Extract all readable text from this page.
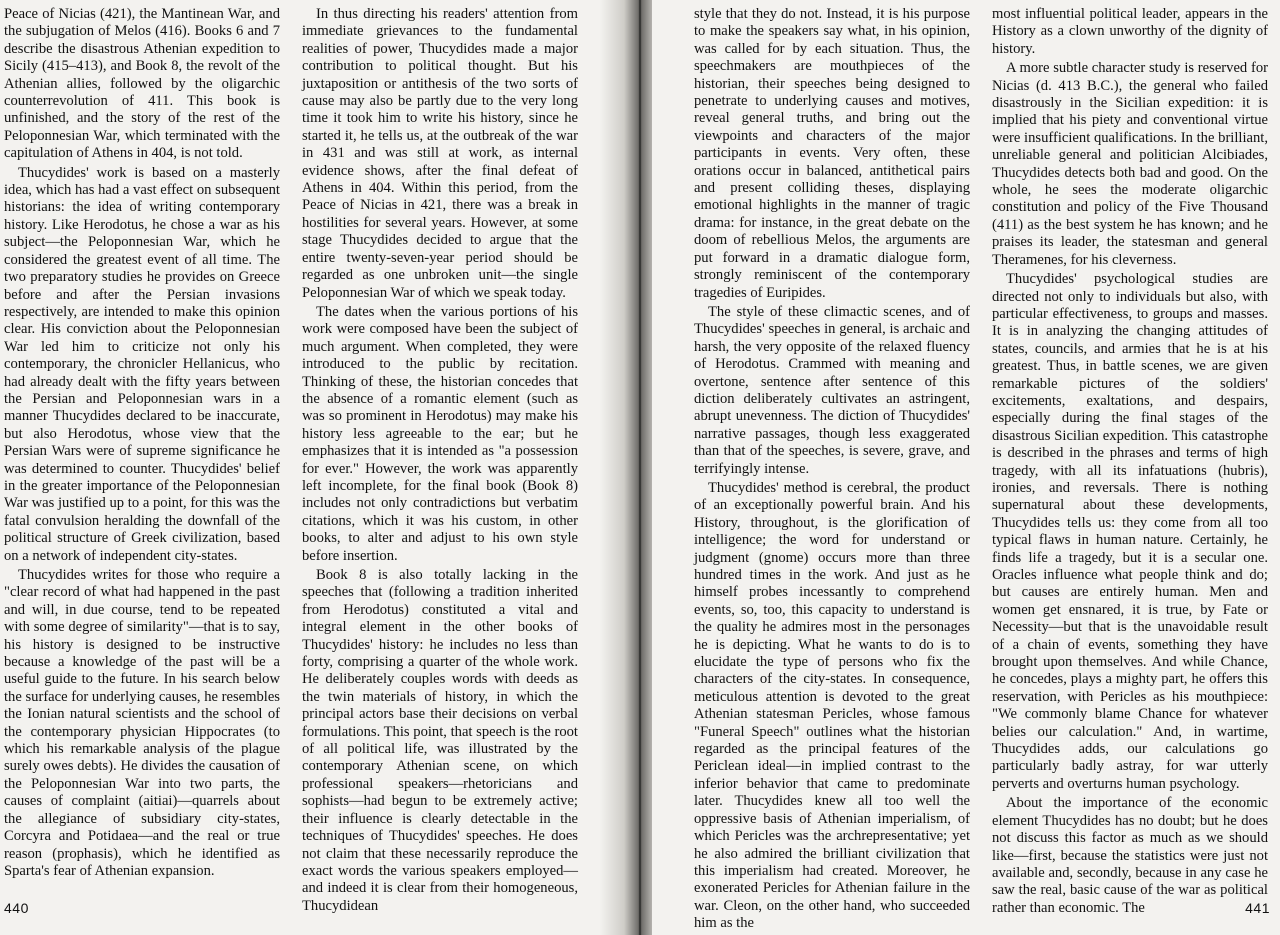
Peace of Nicias (421), the Mantinean War, and the subjugation of Melos (416). Books 6 and 7 describe the disastrous Athenian expedition to Sicily (415–413), and Book 8, the revolt of the Athenian allies, followed by the oligarchic counterrevolution of 411. This book is unfinished, and the story of the rest of the Peloponnesian War, which terminated with the capitulation of Athens in 404, is not told.

Thucydides' work is based on a masterly idea, which has had a vast effect on subsequent historians: the idea of writing contemporary history. Like Herodotus, he chose a war as his subject—the Peloponnesian War, which he considered the greatest event of all time. The two preparatory studies he provides on Greece before and after the Persian invasions respectively, are intended to make this opinion clear. His conviction about the Peloponnesian War led him to criticize not only his contemporary, the chronicler Hellanicus, who had already dealt with the fifty years between the Persian and Peloponnesian wars in a manner Thucydides declared to be inaccurate, but also Herodotus, whose view that the Persian Wars were of supreme significance he was determined to counter. Thucydides' belief in the greater importance of the Peloponnesian War was justified up to a point, for this was the fatal convulsion heralding the downfall of the political structure of Greek civilization, based on a network of independent city-states.

Thucydides writes for those who require a "clear record of what had happened in the past and will, in due course, tend to be repeated with some degree of similarity"—that is to say, his history is designed to be instructive because a knowledge of the past will be a useful guide to the future. In his search below the surface for underlying causes, he resembles the Ionian natural scientists and the school of the contemporary physician Hippocrates (to which his remarkable analysis of the plague surely owes debts). He divides the causation of the Peloponnesian War into two parts, the causes of complaint (aitiai)—quarrels about the allegiance of subsidiary city-states, Corcyra and Potidaea—and the real or true reason (prophasis), which he identified as Sparta's fear of Athenian expansion.

In thus directing his readers' attention from immediate grievances to the fundamental realities of power, Thucydides made a major contribution to political thought. But his juxtaposition or antithesis of the two sorts of cause may also be partly due to the very long time it took him to write his history, since he started it, he tells us, at the outbreak of the war in 431 and was still at work, as internal evidence shows, after the final defeat of Athens in 404. Within this period, from the Peace of Nicias in 421, there was a break in hostilities for several years. However, at some stage Thucydides decided to argue that the entire twenty-seven-year period should be regarded as one unbroken unit—the single Peloponnesian War of which we speak today.

The dates when the various portions of his work were composed have been the subject of much argument. When completed, they were introduced to the public by recitation. Thinking of these, the historian concedes that the absence of a romantic element (such as was so prominent in Herodotus) may make his history less agreeable to the ear; but he emphasizes that it is intended as "a possession for ever." However, the work was apparently left incomplete, for the final book (Book 8) includes not only contradictions but verbatim citations, which it was his custom, in other books, to alter and adjust to his own style before insertion.

Book 8 is also totally lacking in the speeches that (following a tradition inherited from Herodotus) constituted a vital and integral element in the other books of Thucydides' history: he includes no less than forty, comprising a quarter of the whole work. He deliberately couples words with deeds as the twin materials of history, in which the principal actors base their decisions on verbal formulations. This point, that speech is the root of all political life, was illustrated by the contemporary Athenian scene, on which professional speakers—rhetoricians and sophists—had begun to be extremely active; their influence is clearly detectable in the techniques of Thucydides' speeches. He does not claim that these necessarily reproduce the exact words the various speakers employed—and indeed it is clear from their homogeneous, Thucydidean

440

style that they do not. Instead, it is his purpose to make the speakers say what, in his opinion, was called for by each situation. Thus, the speechmakers are mouthpieces of the historian, their speeches being designed to penetrate to underlying causes and motives, reveal general truths, and bring out the viewpoints and characters of the major participants in events. Very often, these orations occur in balanced, antithetical pairs and present colliding theses, displaying emotional highlights in the manner of tragic drama: for instance, in the great debate on the doom of rebellious Melos, the arguments are put forward in a dramatic dialogue form, strongly reminiscent of the contemporary tragedies of Euripides.

The style of these climactic scenes, and of Thucydides' speeches in general, is archaic and harsh, the very opposite of the relaxed fluency of Herodotus. Crammed with meaning and overtone, sentence after sentence of this diction deliberately cultivates an astringent, abrupt unevenness. The diction of Thucydides' narrative passages, though less exaggerated than that of the speeches, is severe, grave, and terrifyingly intense.

Thucydides' method is cerebral, the product of an exceptionally powerful brain. And his History, throughout, is the glorification of intelligence; the word for understand or judgment (gnome) occurs more than three hundred times in the work. And just as he himself probes incessantly to comprehend events, so, too, this capacity to understand is the quality he admires most in the personages he is depicting. What he wants to do is to elucidate the type of persons who fix the characters of the city-states. In consequence, meticulous attention is devoted to the great Athenian statesman Pericles, whose famous "Funeral Speech" outlines what the historian regarded as the principal features of the Periclean ideal—in implied contrast to the inferior behavior that came to predominate later. Thucydides knew all too well the oppressive basis of Athenian imperialism, of which Pericles was the archrepresentative; yet he also admired the brilliant civilization that this imperialism had created. Moreover, he exonerated Pericles for Athenian failure in the war. Cleon, on the other hand, who succeeded him as the

most influential political leader, appears in the History as a clown unworthy of the dignity of history.

A more subtle character study is reserved for Nicias (d. 413 B.C.), the general who failed disastrously in the Sicilian expedition: it is implied that his piety and conventional virtue were insufficient qualifications. In the brilliant, unreliable general and politician Alcibiades, Thucydides detects both bad and good. On the whole, he sees the moderate oligarchic constitution and policy of the Five Thousand (411) as the best system he has known; and he praises its leader, the statesman and general Theramenes, for his cleverness.

Thucydides' psychological studies are directed not only to individuals but also, with particular effectiveness, to groups and masses. It is in analyzing the changing attitudes of states, councils, and armies that he is at his greatest. Thus, in battle scenes, we are given remarkable pictures of the soldiers' excitements, exaltations, and despairs, especially during the final stages of the disastrous Sicilian expedition. This catastrophe is described in the phrases and terms of high tragedy, with all its infatuations (hubris), ironies, and reversals. There is nothing supernatural about these developments, Thucydides tells us: they come from all too typical flaws in human nature. Certainly, he finds life a tragedy, but it is a secular one. Oracles influence what people think and do; but causes are entirely human. Men and women get ensnared, it is true, by Fate or Necessity—but that is the unavoidable result of a chain of events, something they have brought upon themselves. And while Chance, he concedes, plays a mighty part, he offers this reservation, with Pericles as his mouthpiece: "We commonly blame Chance for whatever belies our calculation." And, in wartime, Thucydides adds, our calculations go particularly badly astray, for war utterly perverts and overturns human psychology.

About the importance of the economic element Thucydides has no doubt; but he does not discuss this factor as much as we should like—first, because the statistics were just not available and, secondly, because in any case he saw the real, basic cause of the war as political rather than economic. The	441
